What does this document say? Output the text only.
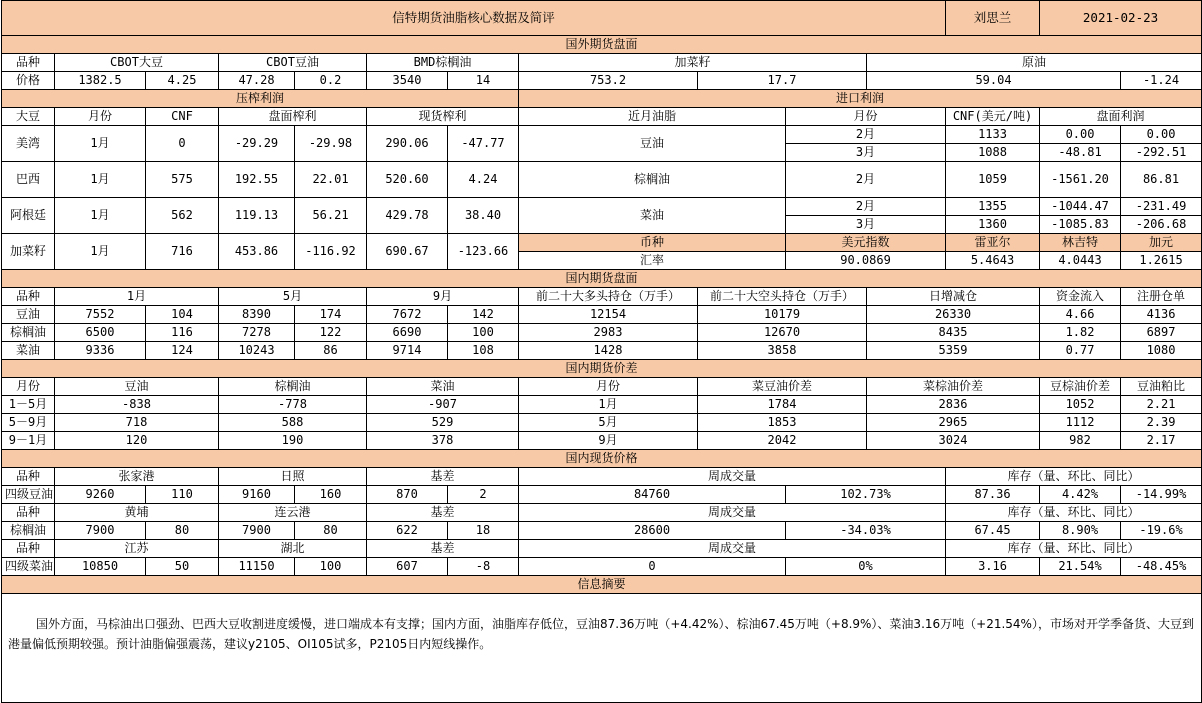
信特期货油脂核心数据及简评											刘思兰	2021-02-23	
国外期货盘面													
品种	CBOT大豆		CBOT豆油		BMD棕榈油		加菜籽			原油			
价格	1382.5	4.25	47.28	0.2	3540	14	753.2	17.7		59.04			-1.24
压榨利润							进口利润						
大豆	月份	CNF	盘面榨利		现货榨利		近月油脂		月份		CNF(美元/吨)	盘面利润	
美湾	1月	0	-29.29	-29.98	290.06	-47.77	豆油		2月		1133	0.00	0.00
									3月		1088	-48.81	-292.51
巴西	1月	575	192.55	22.01	520.60	4.24	棕榈油		2月		1059	-1561.20	86.81
阿根廷	1月	562	119.13	56.21	429.78	38.40	菜油		2月		1355	-1044.47	-231.49
									3月		1360	-1085.83	-206.68
加菜籽	1月	716	453.86	-116.92	690.67	-123.66	币种		美元指数		雷亚尔	林吉特	加元
							汇率		90.0869		5.4643	4.0443	1.2615
国内期货盘面													
品种	1月		5月		9月		前二十大多头持仓（万手）	前二十大空头持仓（万手）		日增减仓		资金流入	注册仓单
豆油	7552	104	8390	174	7672	142	12154	10179		26330		4.66	4136
棕榈油	6500	116	7278	122	6690	100	2983	12670		8435		1.82	6897
菜油	9336	124	10243	86	9714	108	1428	3858		5359		0.77	1080
国内期货价差													
月份	豆油		棕榈油		菜油		月份	菜豆油价差		菜棕油价差		豆棕油价差	豆油粕比
1－5月	-838		-778		-907		1月	1784		2836		1052	2.21
5－9月	718		588		529		5月	1853		2965		1112	2.39
9－1月	120		190		378		9月	2042		3024		982	2.17
国内现货价格													
品种	张家港		日照		基差		周成交量				库存（量、环比、同比）		
四级豆油	9260	110	9160	160	870	2	84760		102.73%		87.36	4.42%	-14.99%
品种	黄埔		连云港		基差		周成交量				库存（量、环比、同比）		
棕榈油	7900	80	7900	80	622	18	28600		-34.03%		67.45	8.90%	-19.6%
品种	江苏		湖北		基差		周成交量				库存（量、环比、同比）		
四级菜油	10850	50	11150	100	607	-8	0		0%		3.16	21.54%	-48.45%
信息摘要													
国外方面，马棕油出口强劲、巴西大豆收割进度缓慢，进口端成本有支撑；国内方面，油脂库存低位，豆油87.36万吨（+4.42%）、棕油67.45万吨（+8.9%）、菜油3.16万吨（+21.54%），市场对开学季备货、大豆到港量偏低预期较强。预计油脂偏强震荡，建议y2105、OI105试多，P2105日内短线操作。													
